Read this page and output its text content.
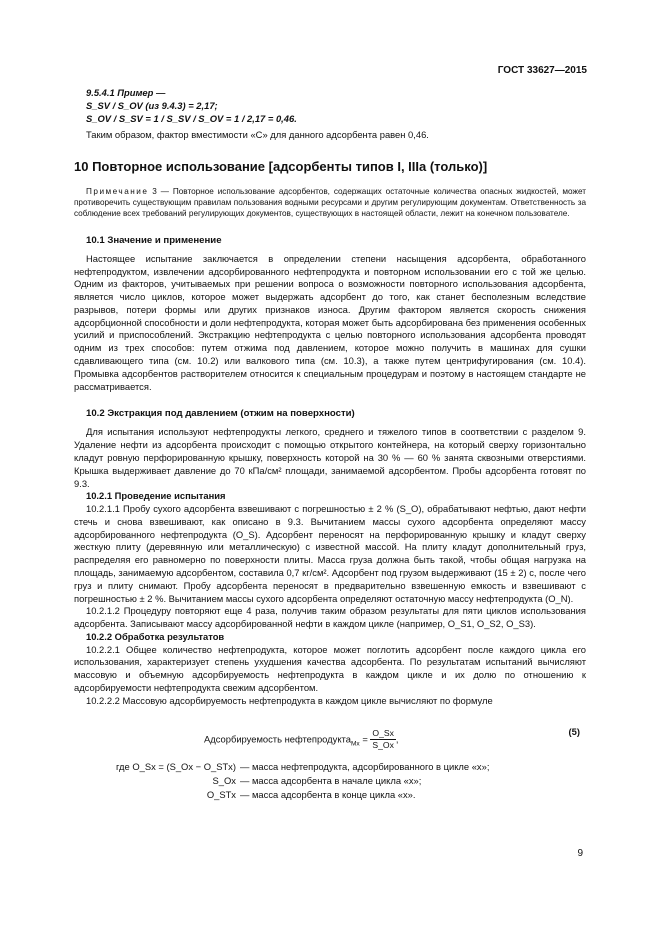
ГОСТ 33627—2015

9.5.4.1 Пример —

S_SV / S_OV (из 9.4.3) = 2,17;

S_OV / S_SV = 1 / S_SV / S_OV = 1 / 2,17 = 0,46.

Таким образом, фактор вместимости «C» для данного адсорбента равен 0,46.

10 Повторное использование [адсорбенты типов I, IIIa (только)]

Примечание 3 — Повторное использование адсорбентов, содержащих остаточные количества опасных жидкостей, может противоречить существующим правилам пользования водными ресурсами и другим регулирующим документам. Ответственность за соблюдение всех требований регулирующих документов, существующих в настоящей области, лежит на конечном пользователе.

10.1 Значение и применение

Настоящее испытание заключается в определении степени насыщения адсорбента, обработанного нефтепродуктом, извлечении адсорбированного нефтепродукта и повторном использовании его с той же целью. Одним из факторов, учитываемых при решении вопроса о возможности повторного использования адсорбента, является число циклов, которое может выдержать адсорбент до того, как станет бесполезным вследствие разрывов, потери формы или других признаков износа. Другим фактором является скорость снижения адсорбционной способности и доли нефтепродукта, которая может быть адсорбирована без применения особенных усилий и приспособлений. Экстракцию нефтепродукта с целью повторного использования адсорбента проводят одним из трех способов: путем отжима под давлением, которое можно получить в машинах для сушки сдавливающего типа (см. 10.2) или валкового типа (см. 10.3), а также путем центрифугирования (см. 10.4). Промывка адсорбентов растворителем относится к специальным процедурам и поэтому в настоящем стандарте не рассматривается.

10.2 Экстракция под давлением (отжим на поверхности)

Для испытания используют нефтепродукты легкого, среднего и тяжелого типов в соответствии с разделом 9. Удаление нефти из адсорбента происходит с помощью открытого контейнера, на который сверху горизонтально кладут ровную перфорированную крышку, поверхность которой на 30 % — 60 % занята сквозными отверстиями. Крышка выдерживает давление до 70 кПа/см² площади, занимаемой адсорбентом. Пробы адсорбента готовят по 9.3.

10.2.1 Проведение испытания

10.2.1.1 Пробу сухого адсорбента взвешивают с погрешностью ± 2 % (S_O), обрабатывают нефтью, дают нефти стечь и снова взвешивают, как описано в 9.3. Вычитанием массы сухого адсорбента определяют массу адсорбированного нефтепродукта (O_S). Адсорбент переносят на перфорированную крышку и кладут сверху жесткую плиту (деревянную или металлическую) с известной массой. На плиту кладут дополнительный груз, распределяя его равномерно по поверхности плиты. Масса груза должна быть такой, чтобы общая нагрузка на площадь, занимаемую адсорбентом, составила 0,7 кг/см². Адсорбент под грузом выдерживают (15 ± 2) с, после чего груз и плиту снимают. Пробу адсорбента переносят в предварительно взвешенную емкость и взвешивают с погрешностью ± 2 %. Вычитанием массы сухого адсорбента определяют остаточную массу нефтепродукта (O_N).

10.2.1.2 Процедуру повторяют еще 4 раза, получив таким образом результаты для пяти циклов использования адсорбента. Записывают массу адсорбированной нефти в каждом цикле (например, O_S1, O_S2, O_S3).

10.2.2 Обработка результатов

10.2.2.1 Общее количество нефтепродукта, которое может поглотить адсорбент после каждого цикла его использования, характеризует степень ухудшения качества адсорбента. По результатам испытаний вычисляют массовую и объемную адсорбируемость нефтепродукта в каждом цикле и их долю по отношению к адсорбируемости нефтепродукта свежим адсорбентом.

10.2.2.2 Массовую адсорбируемость нефтепродукта в каждом цикле вычисляют по формуле

Адсорбируемость нефтепродукта$_{Mx}$ = $\frac{O\_Sx}{S\_Ox}$ ,
(5)
где O_Sx = (S_Ox − O_STx) — масса нефтепродукта, адсорбированного в цикле «x»;
S_Ox — масса адсорбента в начале цикла «x»;
O_STx — масса адсорбента в конце цикла «x».
9
